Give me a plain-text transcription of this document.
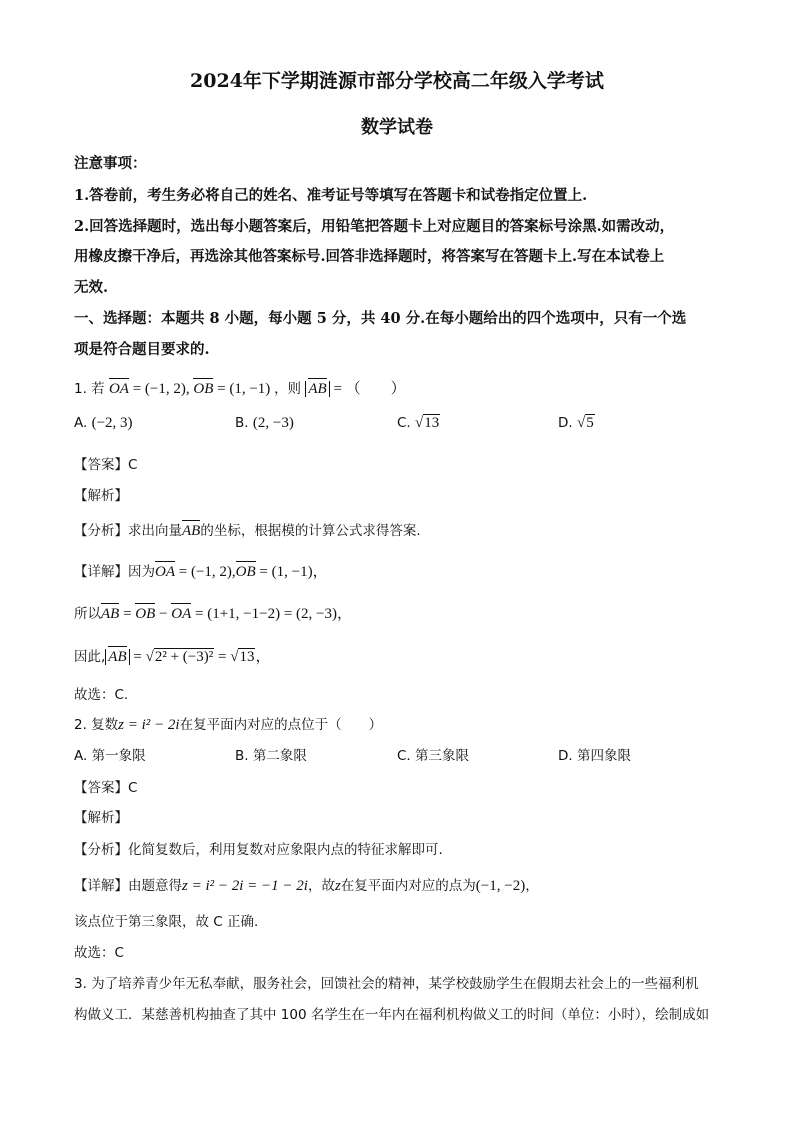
2024年下学期涟源市部分学校高二年级入学考试
数学试卷
注意事项：
1.答卷前，考生务必将自己的姓名、准考证号等填写在答题卡和试卷指定位置上.
2.回答选择题时，选出每小题答案后，用铅笔把答题卡上对应题目的答案标号涂黑.如需改动，
用橡皮擦干净后，再选涂其他答案标号.回答非选择题时，将答案写在答题卡上.写在本试卷上
无效.
一、选择题：本题共 8 小题，每小题 5 分，共 40 分.在每小题给出的四个选项中，只有一个选
项是符合题目要求的.
1. 若 OA = (−1, 2), OB = (1, −1) ，则 AB = （　　）
A. (−2, 3)	B. (2, −3)	C. √13	D. √5
【答案】C
【解析】
【分析】求出向量AB的坐标，根据模的计算公式求得答案.
【详解】因为OA = (−1, 2),OB = (1, −1)，
所以AB = OB − OA = (1+1, −1−2) = (2, −3)，
因此, AB = √2² + (−3)² = √13，
故选：C.
2. 复数z = i² − 2i在复平面内对应的点位于（　　）
A. 第一象限	B. 第二象限	C. 第三象限	D. 第四象限
【答案】C
【解析】
【分析】化简复数后，利用复数对应象限内点的特征求解即可.
【详解】由题意得z = i² − 2i = −1 − 2i，故z在复平面内对应的点为(−1, −2)，
该点位于第三象限，故 C 正确.
故选：C
3. 为了培养青少年无私奉献，服务社会，回馈社会的精神，某学校鼓励学生在假期去社会上的一些福利机
构做义工．某慈善机构抽查了其中 100 名学生在一年内在福利机构做义工的时间（单位：小时），绘制成如
